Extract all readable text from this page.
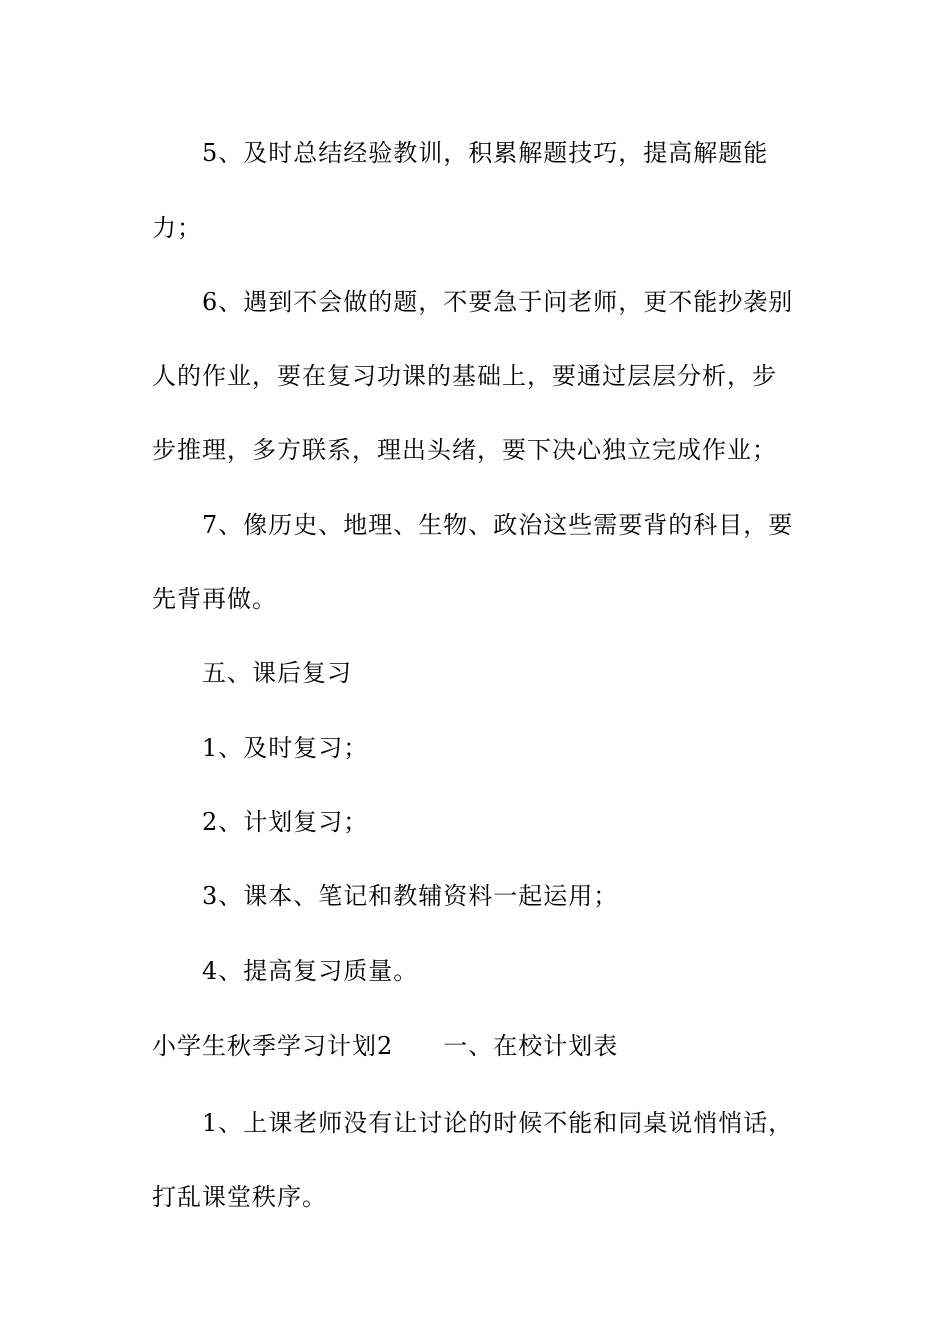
5、及时总结经验教训，积累解题技巧，提高解题能
力；
6、遇到不会做的题，不要急于问老师，更不能抄袭别
人的作业，要在复习功课的基础上，要通过层层分析，步
步推理，多方联系，理出头绪，要下决心独立完成作业；
7、像历史、地理、生物、政治这些需要背的科目，要
先背再做。
五、课后复习
1、及时复习；
2、计划复习；
3、课本、笔记和教辅资料一起运用；
4、提高复习质量。
小学生秋季学习计划2 一、在校计划表
1、上课老师没有让讨论的时候不能和同桌说悄悄话，
打乱课堂秩序。
